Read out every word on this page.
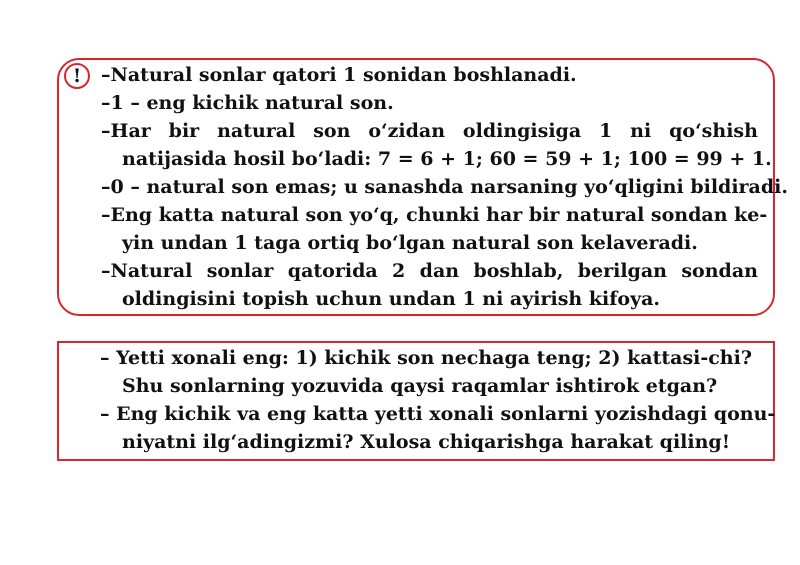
!	–Natural sonlar qatori 1 sonidan boshlanadi.
–1 – eng kichik natural son.
–Har bir natural son o‘zidan oldingisiga 1 ni qo‘shish
natijasida hosil bo‘ladi: 7 = 6 + 1; 60 = 59 + 1; 100 = 99 + 1.
–0 – natural son emas; u sanashda narsaning yo‘qligini bildiradi.
–Eng katta natural son yo‘q, chunki har bir natural sondan ke-
yin undan 1 taga ortiq bo‘lgan natural son kelaveradi.
–Natural sonlar qatorida 2 dan boshlab, berilgan sondan
oldingisini topish uchun undan 1 ni ayirish kifoya.
– Yetti xonali eng: 1) kichik son nechaga teng; 2) kattasi-chi?
Shu sonlarning yozuvida qaysi raqamlar ishtirok etgan?
– Eng kichik va eng katta yetti xonali sonlarni yozishdagi qonu-
niyatni ilg‘adingizmi? Xulosa chiqarishga harakat qiling!
